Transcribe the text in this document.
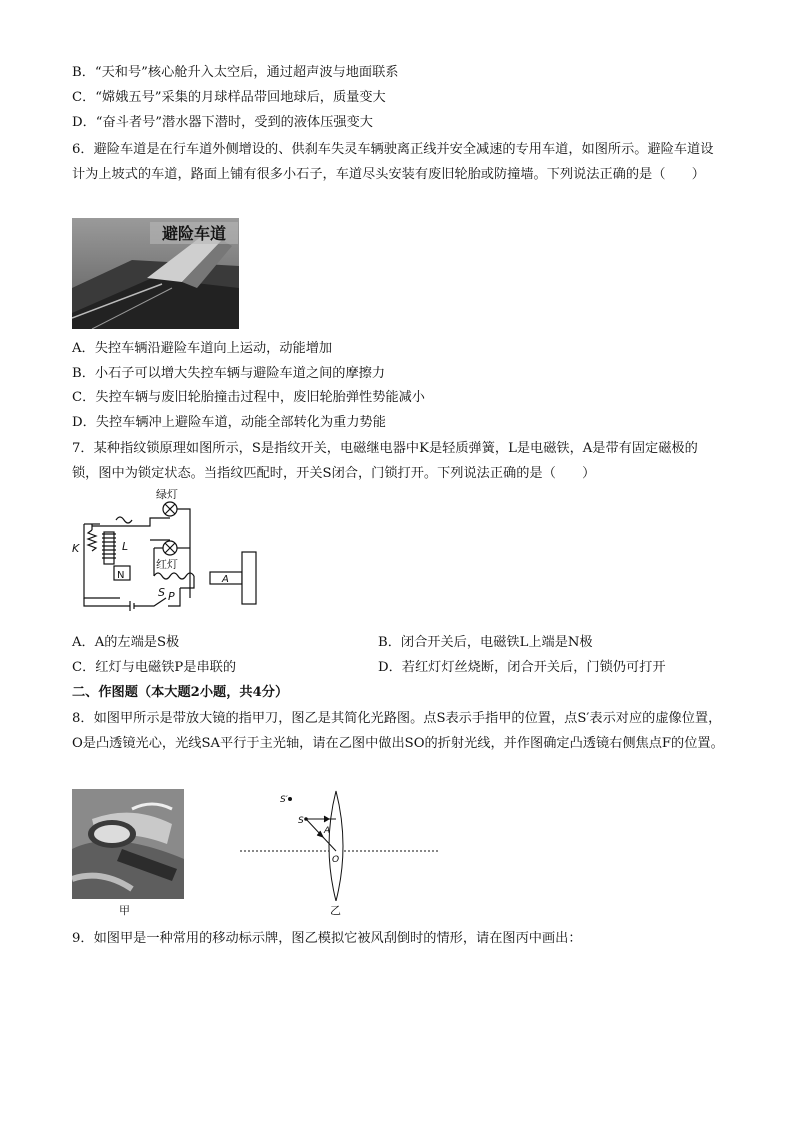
B．“天和号”核心舱升入太空后，通过超声波与地面联系
C．“嫦娥五号”采集的月球样品带回地球后，质量变大
D．“奋斗者号”潜水器下潜时，受到的液体压强变大
6．避险车道是在行车道外侧增设的、供刹车失灵车辆驶离正线并安全减速的专用车道，如图所示。避险车道设计为上坡式的车道，路面上铺有很多小石子，车道尽头安装有废旧轮胎或防撞墙。下列说法正确的是（　　）
避险车道
A．失控车辆沿避险车道向上运动，动能增加
B．小石子可以增大失控车辆与避险车道之间的摩擦力
C．失控车辆与废旧轮胎撞击过程中，废旧轮胎弹性势能减小
D．失控车辆冲上避险车道，动能全部转化为重力势能
7．某种指纹锁原理如图所示，S是指纹开关，电磁继电器中K是轻质弹簧，L是电磁铁，A是带有固定磁极的锁，图中为锁定状态。当指纹匹配时，开关S闭合，门锁打开。下列说法正确的是（　　）
K	L
N
S
绿灯
红灯
P
A
A．A的左端是S极	B．闭合开关后，电磁铁L上端是N极
C．红灯与电磁铁P是串联的	D．若红灯灯丝烧断，闭合开关后，门锁仍可打开
二、作图题（本大题2小题，共4分）
8．如图甲所示是带放大镜的指甲刀，图乙是其简化光路图。点S表示手指甲的位置，点S′表示对应的虚像位置，O是凸透镜光心，光线SA平行于主光轴，请在乙图中做出SO的折射光线，并作图确定凸透镜右侧焦点F的位置。
甲
S′
S
A
O
乙
9．如图甲是一种常用的移动标示牌，图乙模拟它被风刮倒时的情形，请在图丙中画出：
